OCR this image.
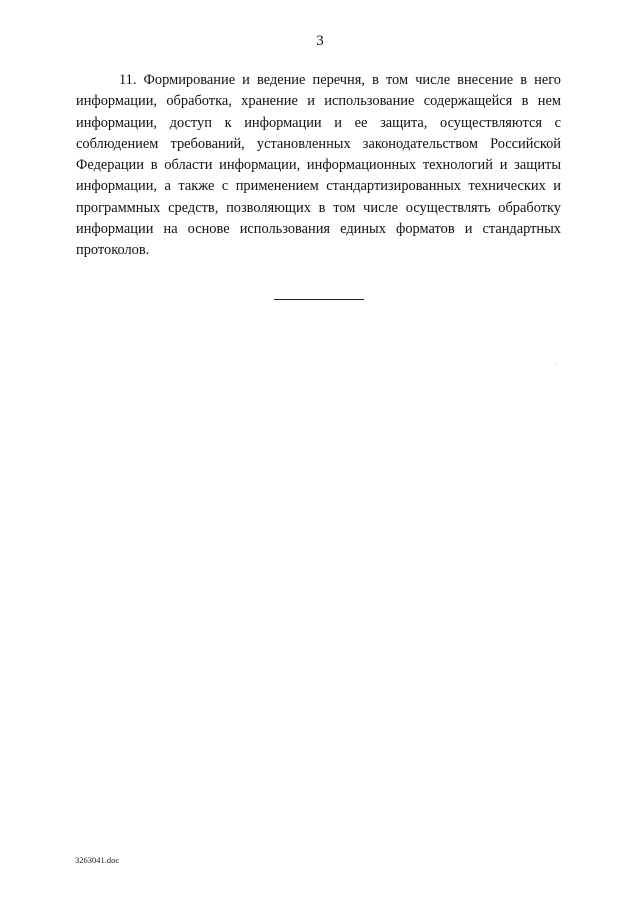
3

11. Формирование и ведение перечня, в том числе внесение в него информации, обработка, хранение и использование содержащейся в нем информации, доступ к информации и ее защита, осуществляются с соблюдением требований, установленных законодательством Российской Федерации в области информации, информационных технологий и защиты информации, а также с применением стандартизированных технических и программных средств, позволяющих в том числе осуществлять обработку информации на основе использования единых форматов и стандартных протоколов.

3263041.doc
